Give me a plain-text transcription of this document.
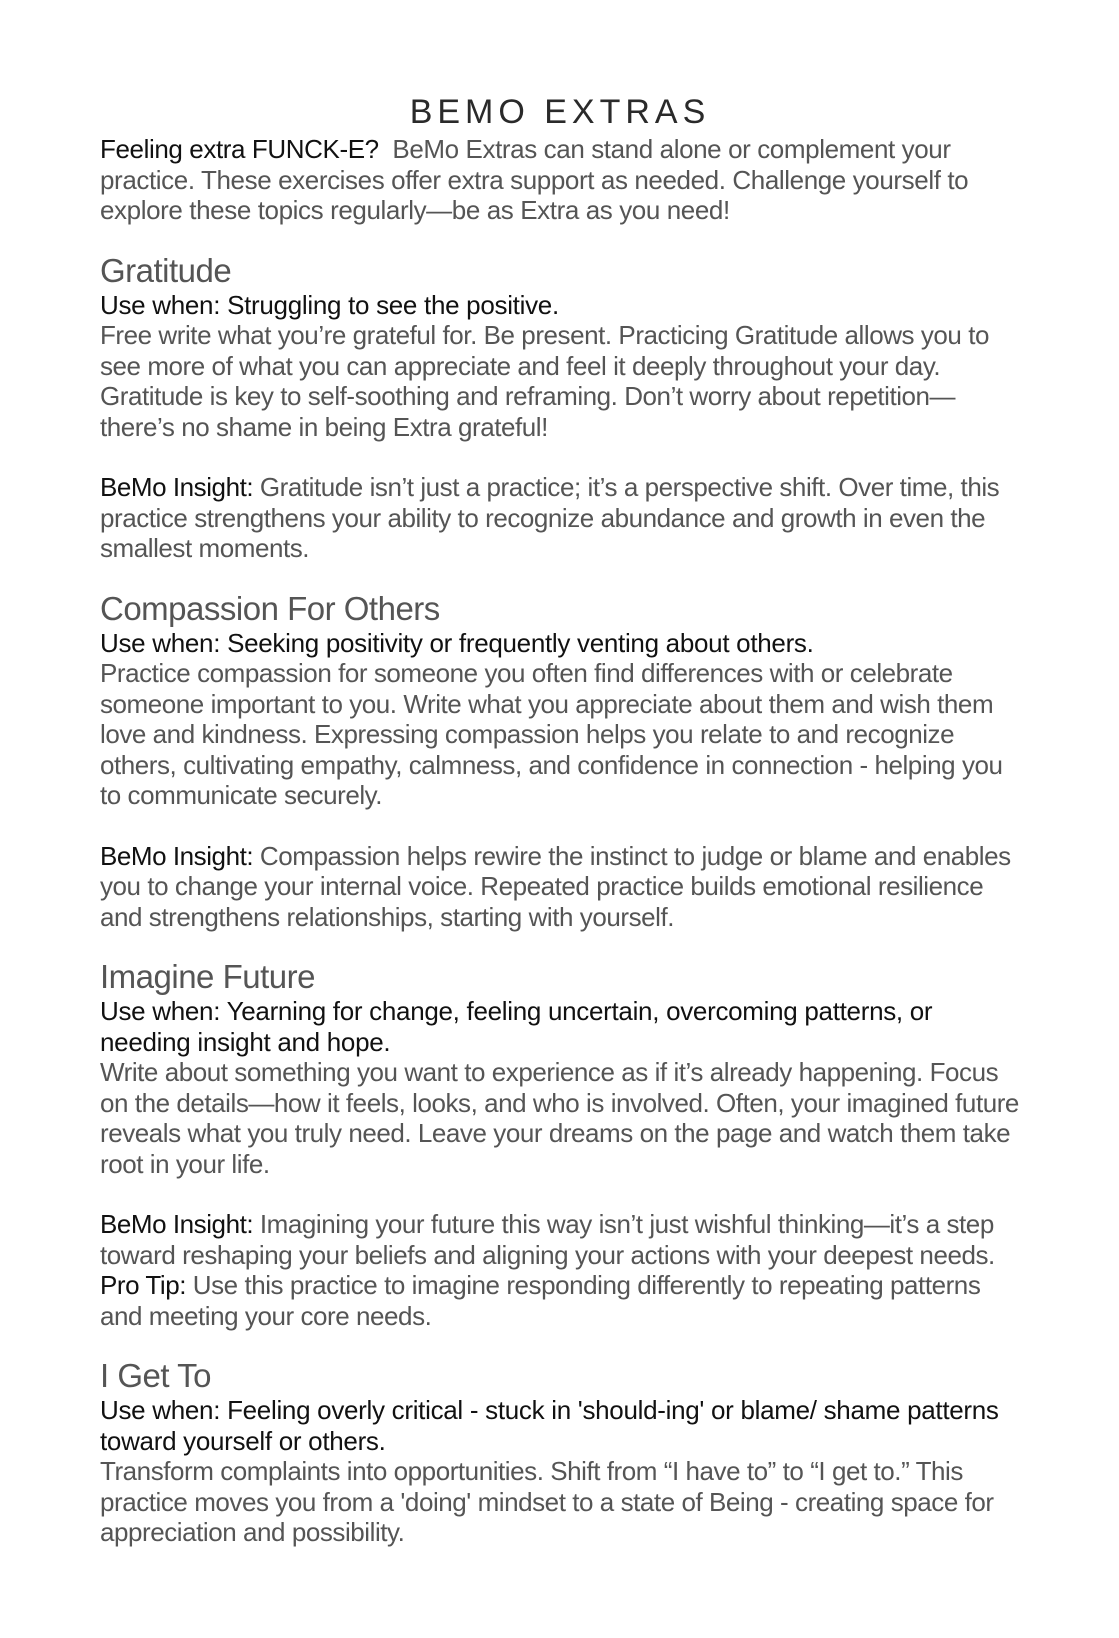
BEMO EXTRAS

Feeling extra FUNCK-E? BeMo Extras can stand alone or complement your practice. These exercises offer extra support as needed. Challenge yourself to explore these topics regularly—be as Extra as you need!

Gratitude

Use when: Struggling to see the positive.

Free write what you’re grateful for. Be present. Practicing Gratitude allows you to see more of what you can appreciate and feel it deeply throughout your day. Gratitude is key to self-soothing and reframing. Don’t worry about repetition—there’s no shame in being Extra grateful!

BeMo Insight: Gratitude isn’t just a practice; it’s a perspective shift. Over time, this practice strengthens your ability to recognize abundance and growth in even the smallest moments.

Compassion For Others

Use when: Seeking positivity or frequently venting about others.

Practice compassion for someone you often find differences with or celebrate someone important to you. Write what you appreciate about them and wish them love and kindness. Expressing compassion helps you relate to and recognize others, cultivating empathy, calmness, and confidence in connection - helping you to communicate securely.

BeMo Insight: Compassion helps rewire the instinct to judge or blame and enables you to change your internal voice. Repeated practice builds emotional resilience and strengthens relationships, starting with yourself.

Imagine Future

Use when: Yearning for change, feeling uncertain, overcoming patterns, or needing insight and hope.

Write about something you want to experience as if it’s already happening. Focus on the details—how it feels, looks, and who is involved. Often, your imagined future reveals what you truly need. Leave your dreams on the page and watch them take root in your life.

BeMo Insight: Imagining your future this way isn’t just wishful thinking—it’s a step toward reshaping your beliefs and aligning your actions with your deepest needs.  Pro Tip: Use this practice to imagine responding differently to repeating patterns and meeting your core needs.

I Get To

Use when: Feeling overly critical - stuck in 'should-ing' or blame/ shame patterns toward yourself or others.

Transform complaints into opportunities. Shift from “I have to” to “I get to.” This practice moves you from a 'doing' mindset to a state of Being - creating space for appreciation and possibility.
